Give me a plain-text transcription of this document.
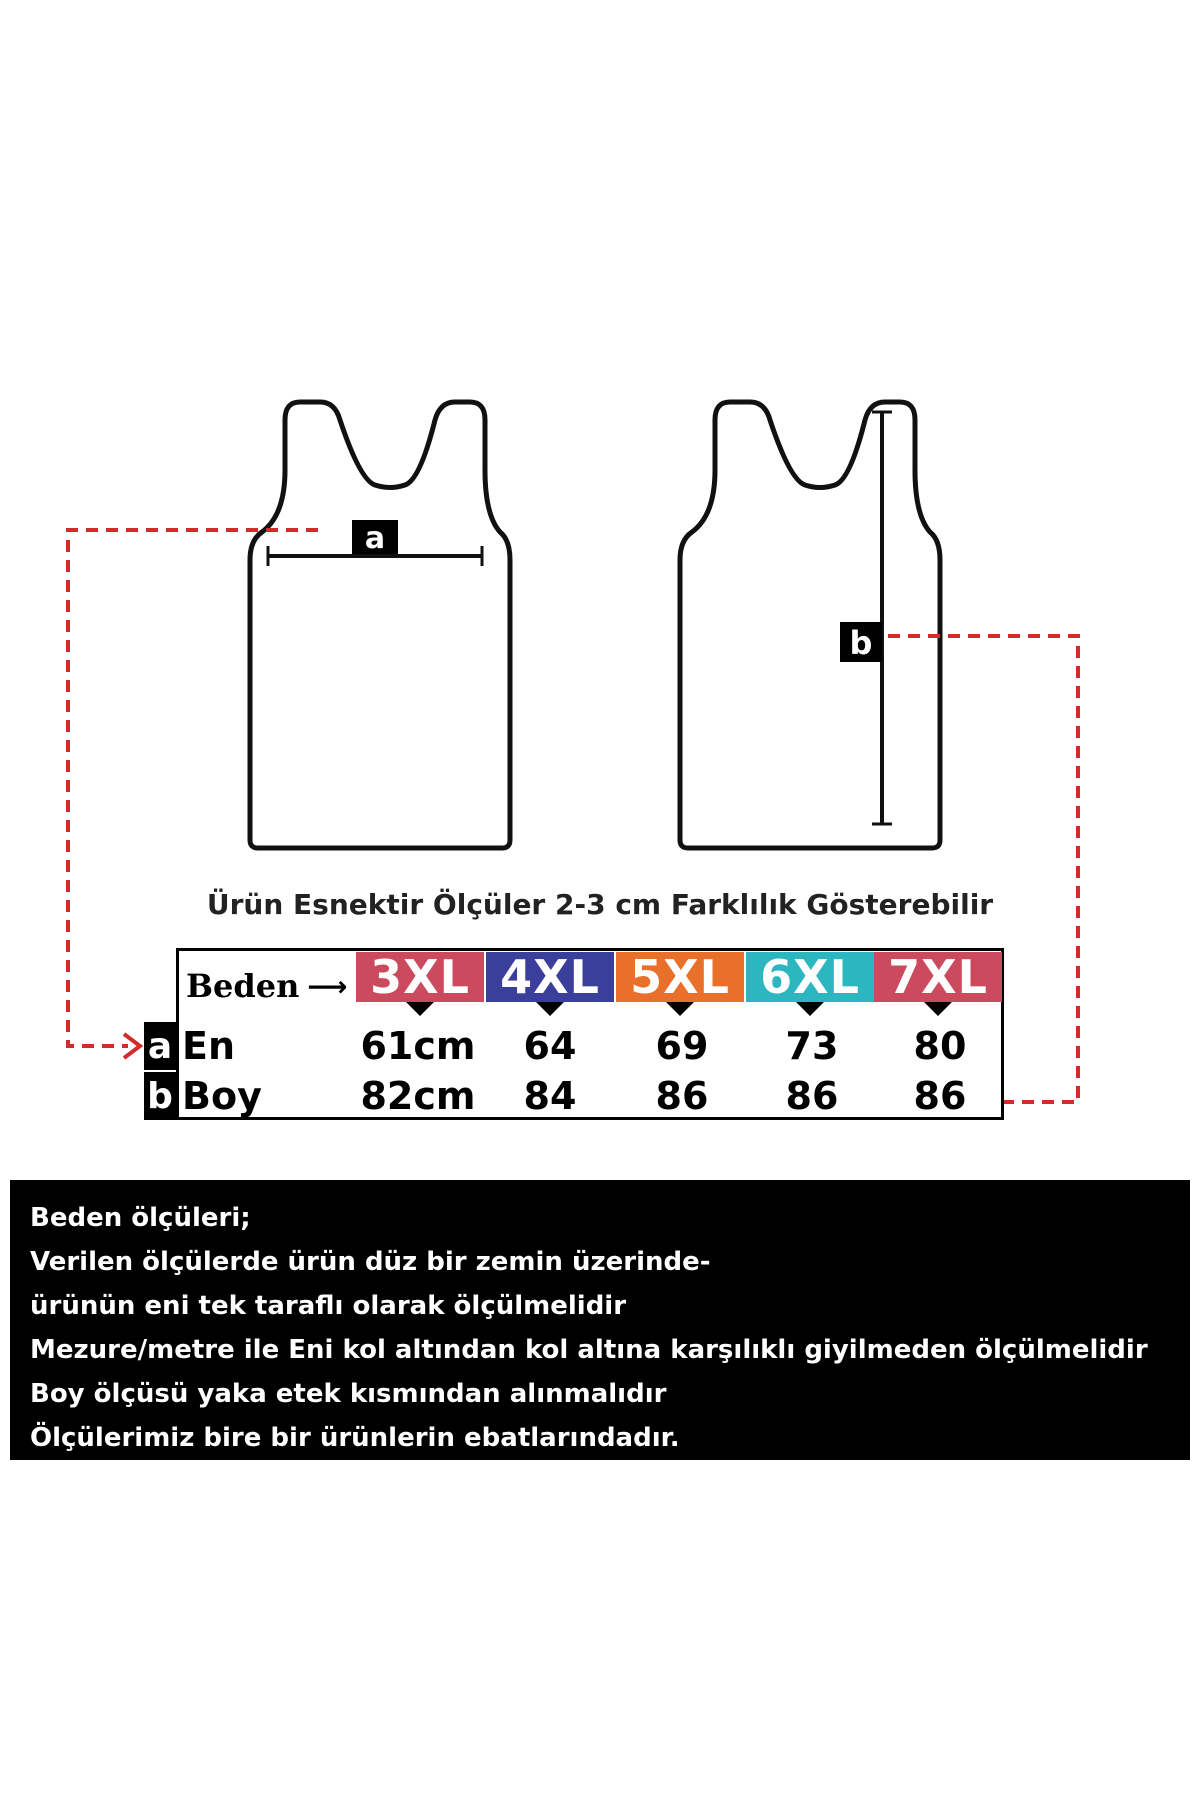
a
b
Ürün Esnektir Ölçüler 2-3 cm Farklılık Gösterebilir
Beden ⟶ 3XL 4XL 5XL 6XL 7XL
a En	61cm	64	69	73	80
b Boy	82cm	84	86	86	86
Beden ölçüleri;
Verilen ölçülerde ürün düz bir zemin üzerinde-
ürünün eni tek taraflı olarak ölçülmelidir
Mezure/metre ile Eni kol altından kol altına karşılıklı giyilmeden ölçülmelidir
Boy ölçüsü yaka etek kısmından alınmalıdır
Ölçülerimiz bire bir ürünlerin ebatlarındadır.
